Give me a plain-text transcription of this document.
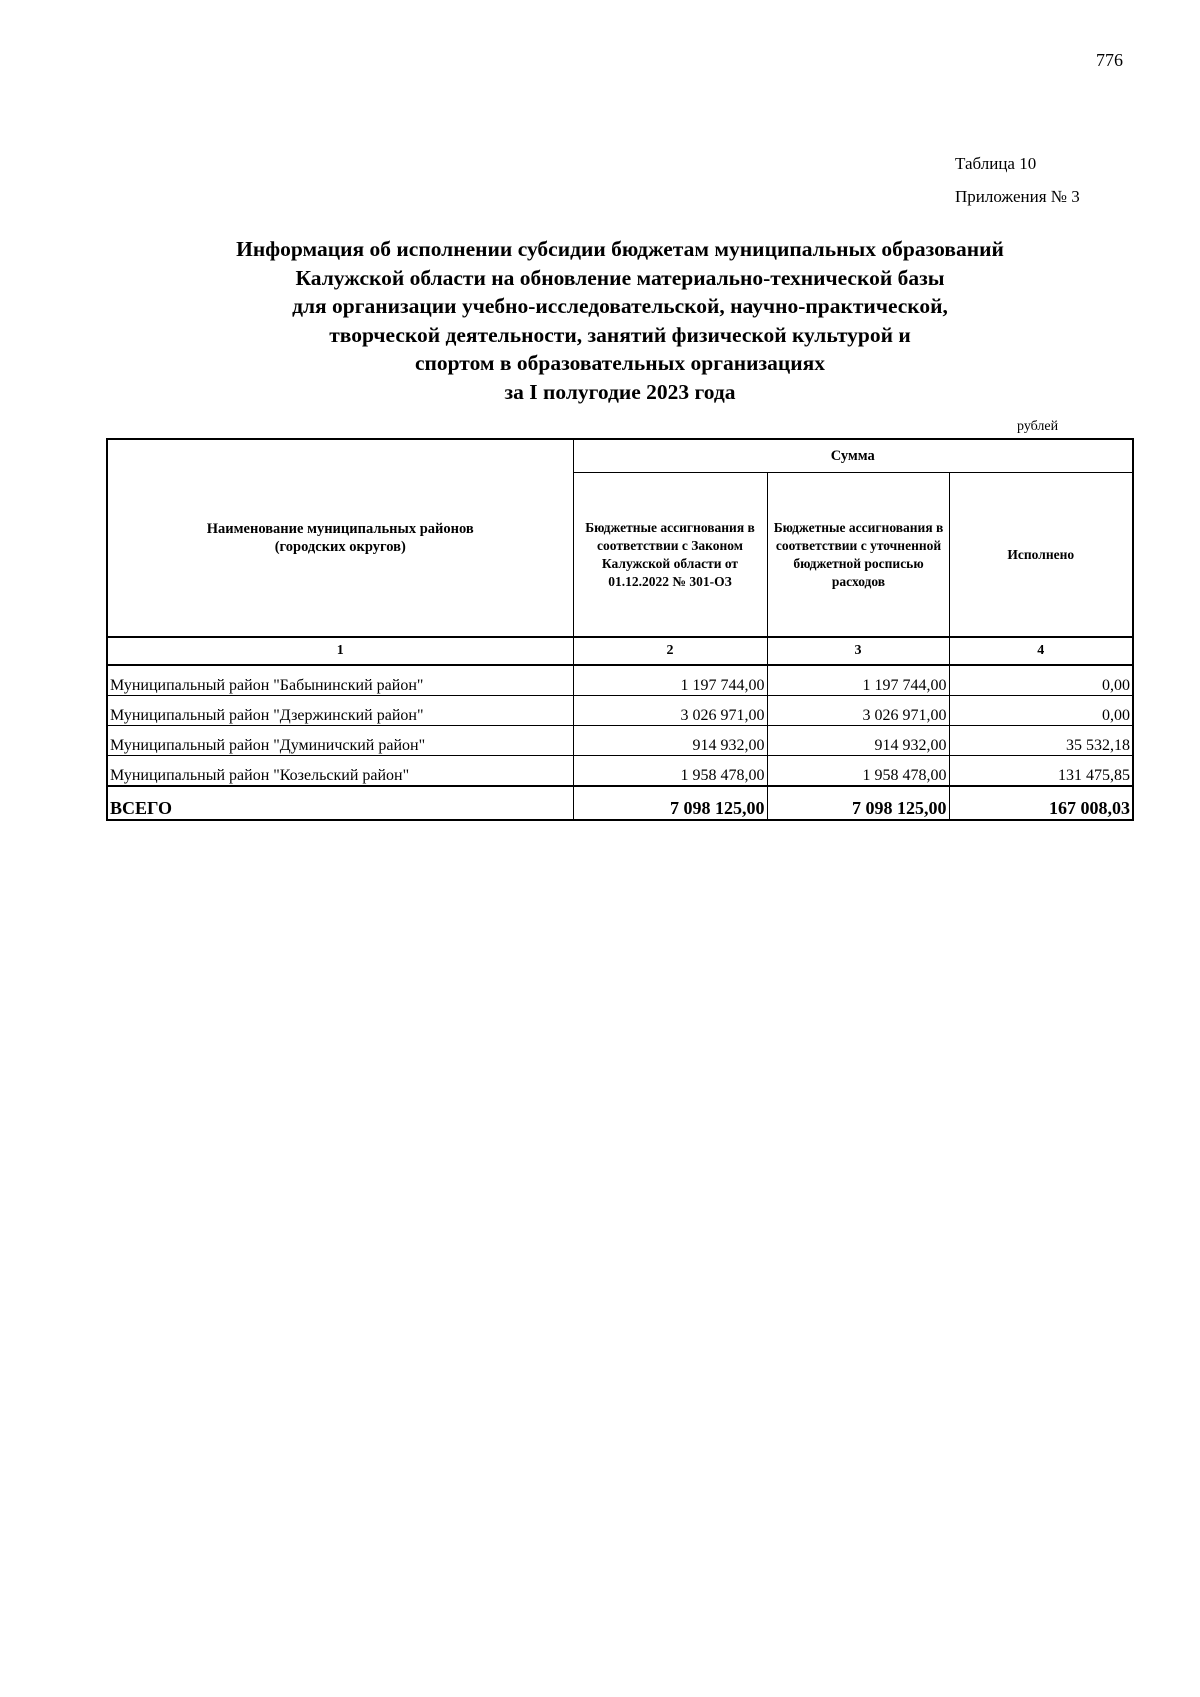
776
Таблица 10
Приложения № 3
Информация об исполнении субсидии бюджетам муниципальных образований
Калужской области на обновление материально-технической базы
для организации учебно-исследовательской, научно-практической,
творческой деятельности, занятий физической культурой и
спортом в образовательных организациях
за I полугодие 2023 года
рублей
Наименование муниципальных районов (городских округов)	Сумма		

	Бюджетные ассигнования в соответствии с Законом Калужской области от 01.12.2022 № 301-ОЗ	Бюджетные ассигнования в соответствии с уточненной бюджетной росписью расходов	Исполнено
1	2	3	4
Муниципальный район "Бабынинский район"	1 197 744,00	1 197 744,00	0,00
Муниципальный район "Дзержинский район"	3 026 971,00	3 026 971,00	0,00
Муниципальный район "Думиничский район"	914 932,00	914 932,00	35 532,18
Муниципальный район "Козельский район"	1 958 478,00	1 958 478,00	131 475,85
ВСЕГО	7 098 125,00	7 098 125,00	167 008,03
